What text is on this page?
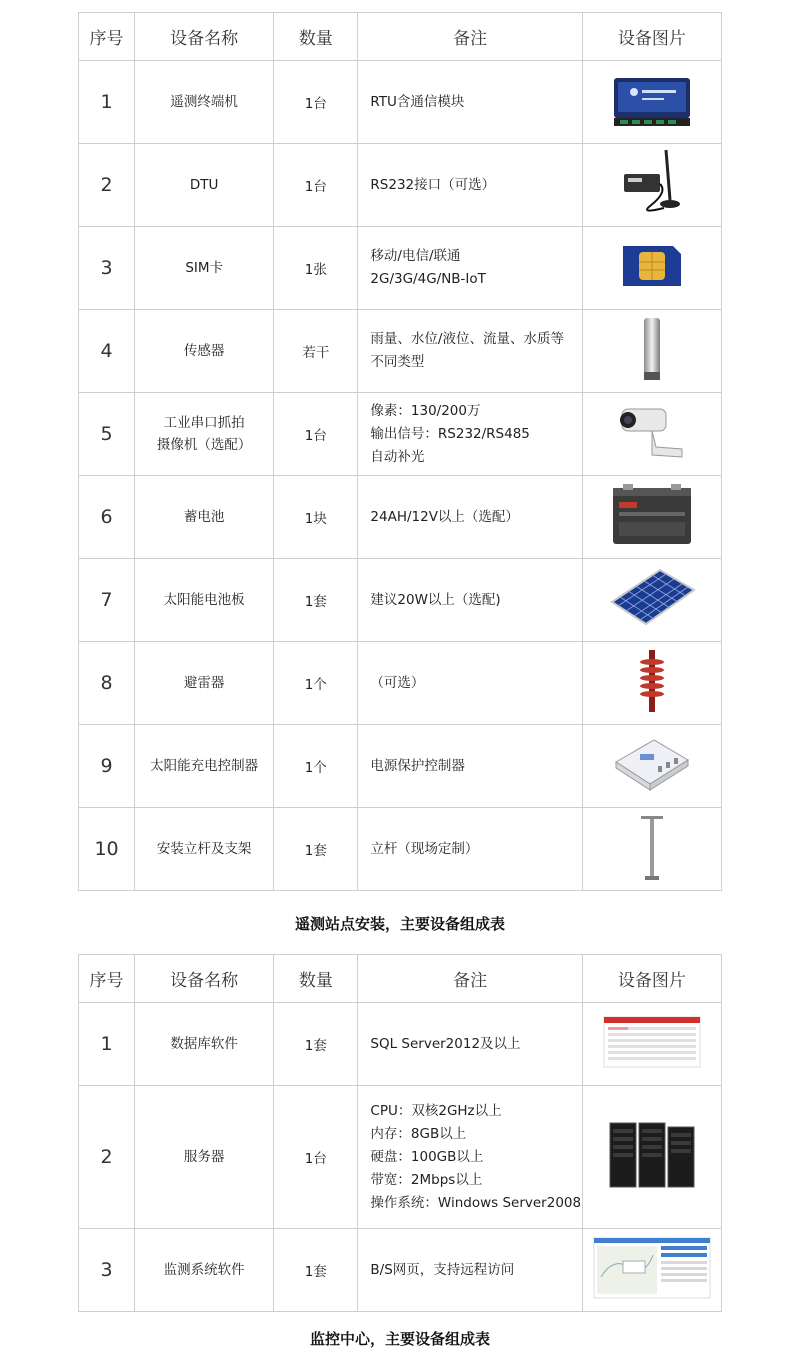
序号	设备名称	数量	备注	设备图片
1	遥测终端机	1台	RTU含通信模块

2	DTU	1台	RS232接口（可选）

3	SIM卡	1张	移动/电信/联通
2G/3G/4G/NB-IoT

4	传感器	若干	雨量、水位/液位、流量、水质等
不同类型

5	工业串口抓拍
摄像机（选配）	1台	像素：130/200万
输出信号：RS232/RS485
自动补光

6	蓄电池	1块	24AH/12V以上（选配）

7	太阳能电池板	1套	建议20W以上（选配)

8	避雷器	1个	（可选）

9	太阳能充电控制器	1个	电源保护控制器

10	安装立杆及支架	1套	立杆（现场定制）

遥测站点安装，主要设备组成表
序号	设备名称	数量	备注	设备图片
1	数据库软件	1套	SQL Server2012及以上

2	服务器	1台	CPU：双核2GHz以上
内存：8GB以上
硬盘：100GB以上
带宽：2Mbps以上
操作系统：Windows Server2008

3	监测系统软件	1套	B/S网页，支持远程访问

监控中心，主要设备组成表
